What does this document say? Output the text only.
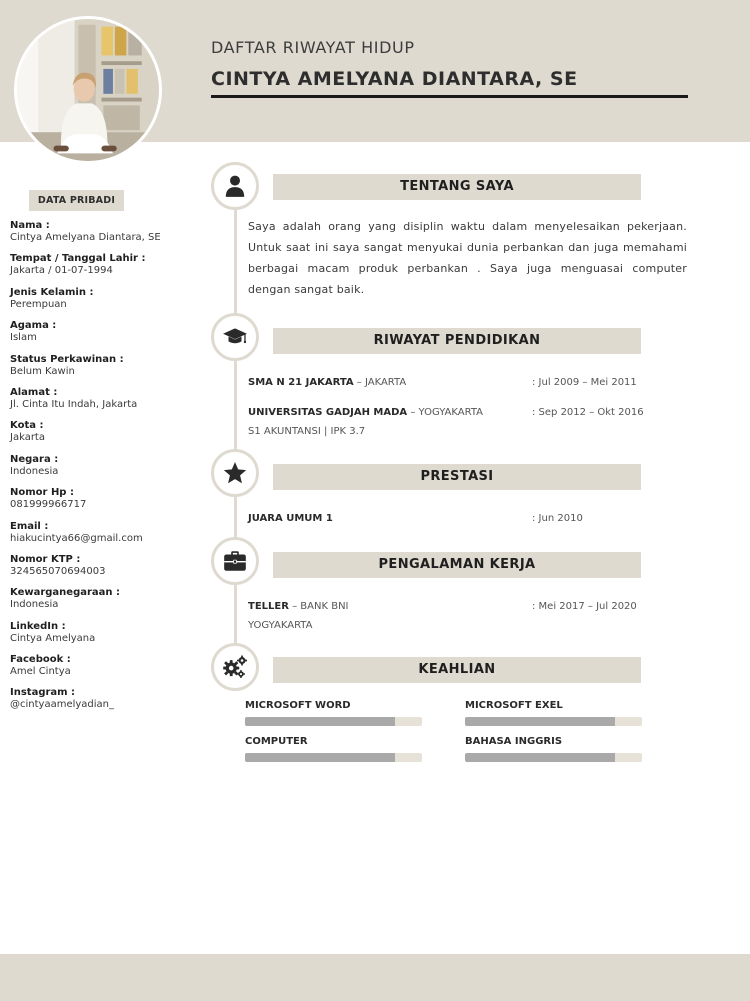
DAFTAR RIWAYAT HIDUP
CINTYA AMELYANA DIANTARA, SE
DATA PRIBADI
Nama :
Cintya Amelyana Diantara, SE
Tempat / Tanggal Lahir :
Jakarta / 01-07-1994
Jenis Kelamin :
Perempuan
Agama :
Islam
Status Perkawinan :
Belum Kawin
Alamat :
Jl. Cinta Itu Indah, Jakarta
Kota :
Jakarta
Negara :
Indonesia
Nomor Hp :
081999966717
Email :
hiakucintya66@gmail.com
Nomor KTP :
324565070694003
Kewarganegaraan :
Indonesia
LinkedIn :
Cintya Amelyana
Facebook :
Amel Cintya
Instagram :
@cintyaamelyadian_
TENTANG SAYA
Saya adalah orang yang disiplin waktu dalam menyelesaikan pekerjaan. Untuk saat ini saya sangat menyukai dunia perbankan dan juga memahami berbagai macam produk perbankan . Saya juga menguasai computer dengan sangat baik.
RIWAYAT PENDIDIKAN
SMA N 21 JAKARTA – JAKARTA	: Jul 2009 – Mei 2011
UNIVERSITAS GADJAH MADA – YOGYAKARTA	: Sep 2012 – Okt 2016
S1 AKUNTANSI | IPK 3.7
PRESTASI
JUARA UMUM 1	: Jun 2010
PENGALAMAN KERJA
TELLER – BANK BNI	: Mei 2017 – Jul 2020
YOGYAKARTA
KEAHLIAN
MICROSOFT WORD	MICROSOFT EXEL
COMPUTER	BAHASA INGGRIS
